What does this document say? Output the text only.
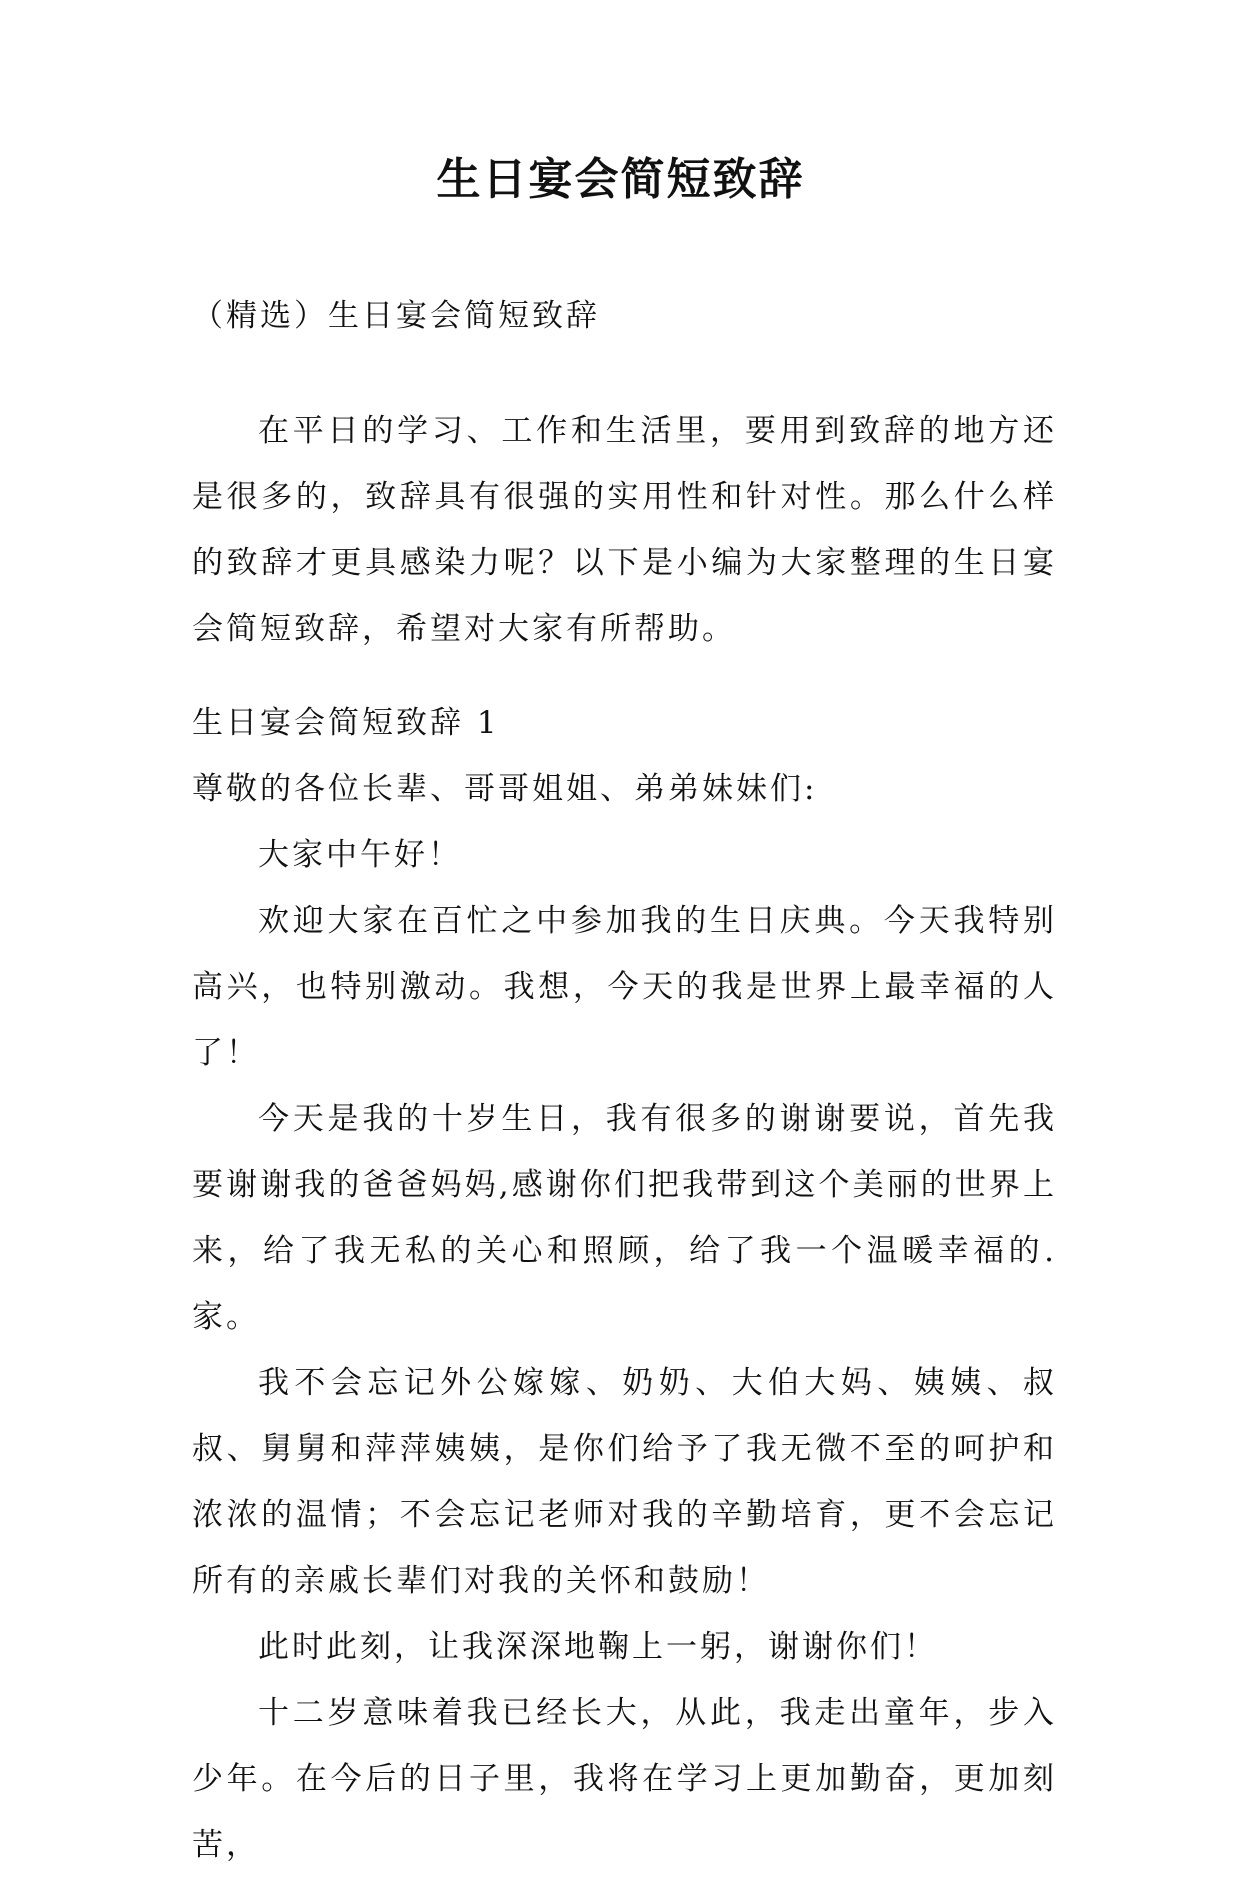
生日宴会简短致辞

（精选）生日宴会简短致辞

在平日的学习、工作和生活里，要用到致辞的地方还是很多的，致辞具有很强的实用性和针对性。那么什么样的致辞才更具感染力呢？以下是小编为大家整理的生日宴会简短致辞，希望对大家有所帮助。

生日宴会简短致辞 1

尊敬的各位长辈、哥哥姐姐、弟弟妹妹们:

大家中午好！

欢迎大家在百忙之中参加我的生日庆典。今天我特别高兴，也特别激动。我想，今天的我是世界上最幸福的人了！

今天是我的十岁生日，我有很多的谢谢要说，首先我要谢谢我的爸爸妈妈,感谢你们把我带到这个美丽的世界上来，给了我无私的关心和照顾，给了我一个温暖幸福的.家。

我不会忘记外公嫁嫁、奶奶、大伯大妈、姨姨、叔叔、舅舅和萍萍姨姨，是你们给予了我无微不至的呵护和浓浓的温情；不会忘记老师对我的辛勤培育，更不会忘记所有的亲戚长辈们对我的关怀和鼓励！

此时此刻，让我深深地鞠上一躬，谢谢你们！

十二岁意味着我已经长大，从此，我走出童年，步入少年。在今后的日子里，我将在学习上更加勤奋，更加刻苦，
